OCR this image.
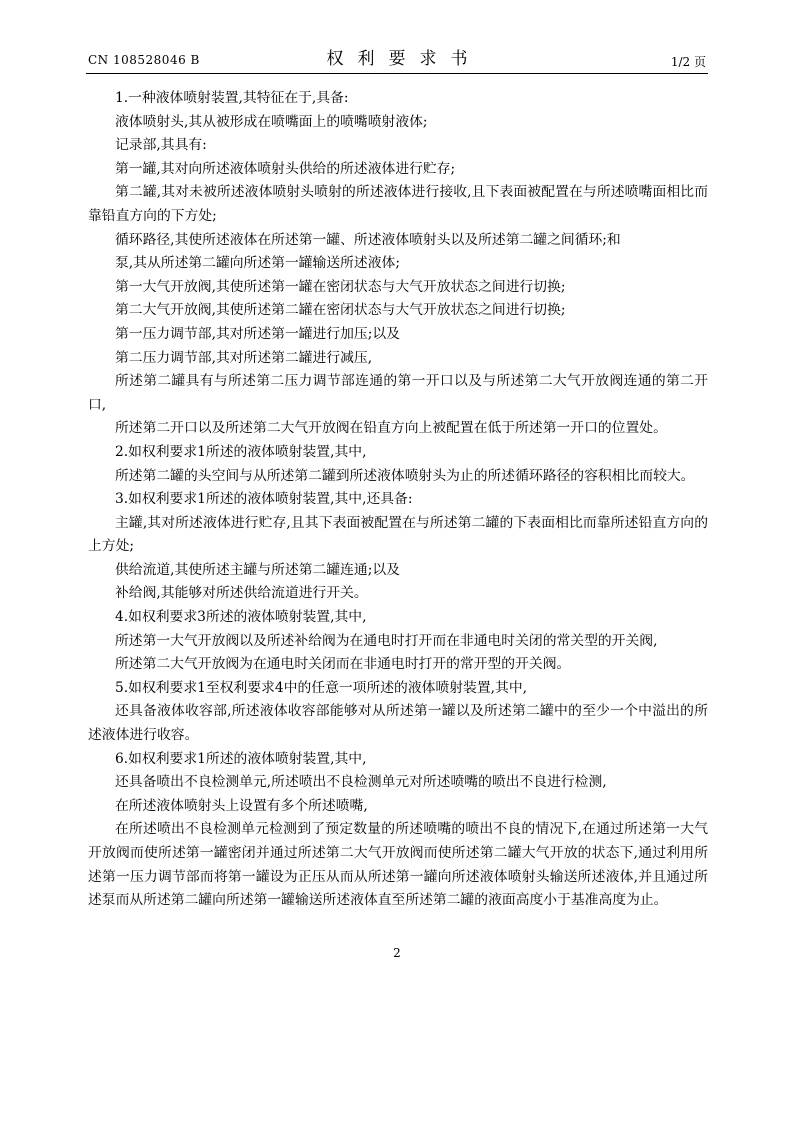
CN 108528046 B	权利要求书	1/2 页

1.一种液体喷射装置,其特征在于,具备:

液体喷射头,其从被形成在喷嘴面上的喷嘴喷射液体;

记录部,其具有:

第一罐,其对向所述液体喷射头供给的所述液体进行贮存;

第二罐,其对未被所述液体喷射头喷射的所述液体进行接收,且下表面被配置在与所述喷嘴面相比而靠铅直方向的下方处;

循环路径,其使所述液体在所述第一罐、所述液体喷射头以及所述第二罐之间循环;和

泵,其从所述第二罐向所述第一罐输送所述液体;

第一大气开放阀,其使所述第一罐在密闭状态与大气开放状态之间进行切换;

第二大气开放阀,其使所述第二罐在密闭状态与大气开放状态之间进行切换;

第一压力调节部,其对所述第一罐进行加压;以及

第二压力调节部,其对所述第二罐进行减压,

所述第二罐具有与所述第二压力调节部连通的第一开口以及与所述第二大气开放阀连通的第二开口,

所述第二开口以及所述第二大气开放阀在铅直方向上被配置在低于所述第一开口的位置处。

2.如权利要求1所述的液体喷射装置,其中,

所述第二罐的头空间与从所述第二罐到所述液体喷射头为止的所述循环路径的容积相比而较大。

3.如权利要求1所述的液体喷射装置,其中,还具备:

主罐,其对所述液体进行贮存,且其下表面被配置在与所述第二罐的下表面相比而靠所述铅直方向的上方处;

供给流道,其使所述主罐与所述第二罐连通;以及

补给阀,其能够对所述供给流道进行开关。

4.如权利要求3所述的液体喷射装置,其中,

所述第一大气开放阀以及所述补给阀为在通电时打开而在非通电时关闭的常关型的开关阀,

所述第二大气开放阀为在通电时关闭而在非通电时打开的常开型的开关阀。

5.如权利要求1至权利要求4中的任意一项所述的液体喷射装置,其中,

还具备液体收容部,所述液体收容部能够对从所述第一罐以及所述第二罐中的至少一个中溢出的所述液体进行收容。

6.如权利要求1所述的液体喷射装置,其中,

还具备喷出不良检测单元,所述喷出不良检测单元对所述喷嘴的喷出不良进行检测,

在所述液体喷射头上设置有多个所述喷嘴,

在所述喷出不良检测单元检测到了预定数量的所述喷嘴的喷出不良的情况下,在通过所述第一大气开放阀而使所述第一罐密闭并通过所述第二大气开放阀而使所述第二罐大气开放的状态下,通过利用所述第一压力调节部而将第一罐设为正压从而从所述第一罐向所述液体喷射头输送所述液体,并且通过所述泵而从所述第二罐向所述第一罐输送所述液体直至所述第二罐的液面高度小于基准高度为止。

2
